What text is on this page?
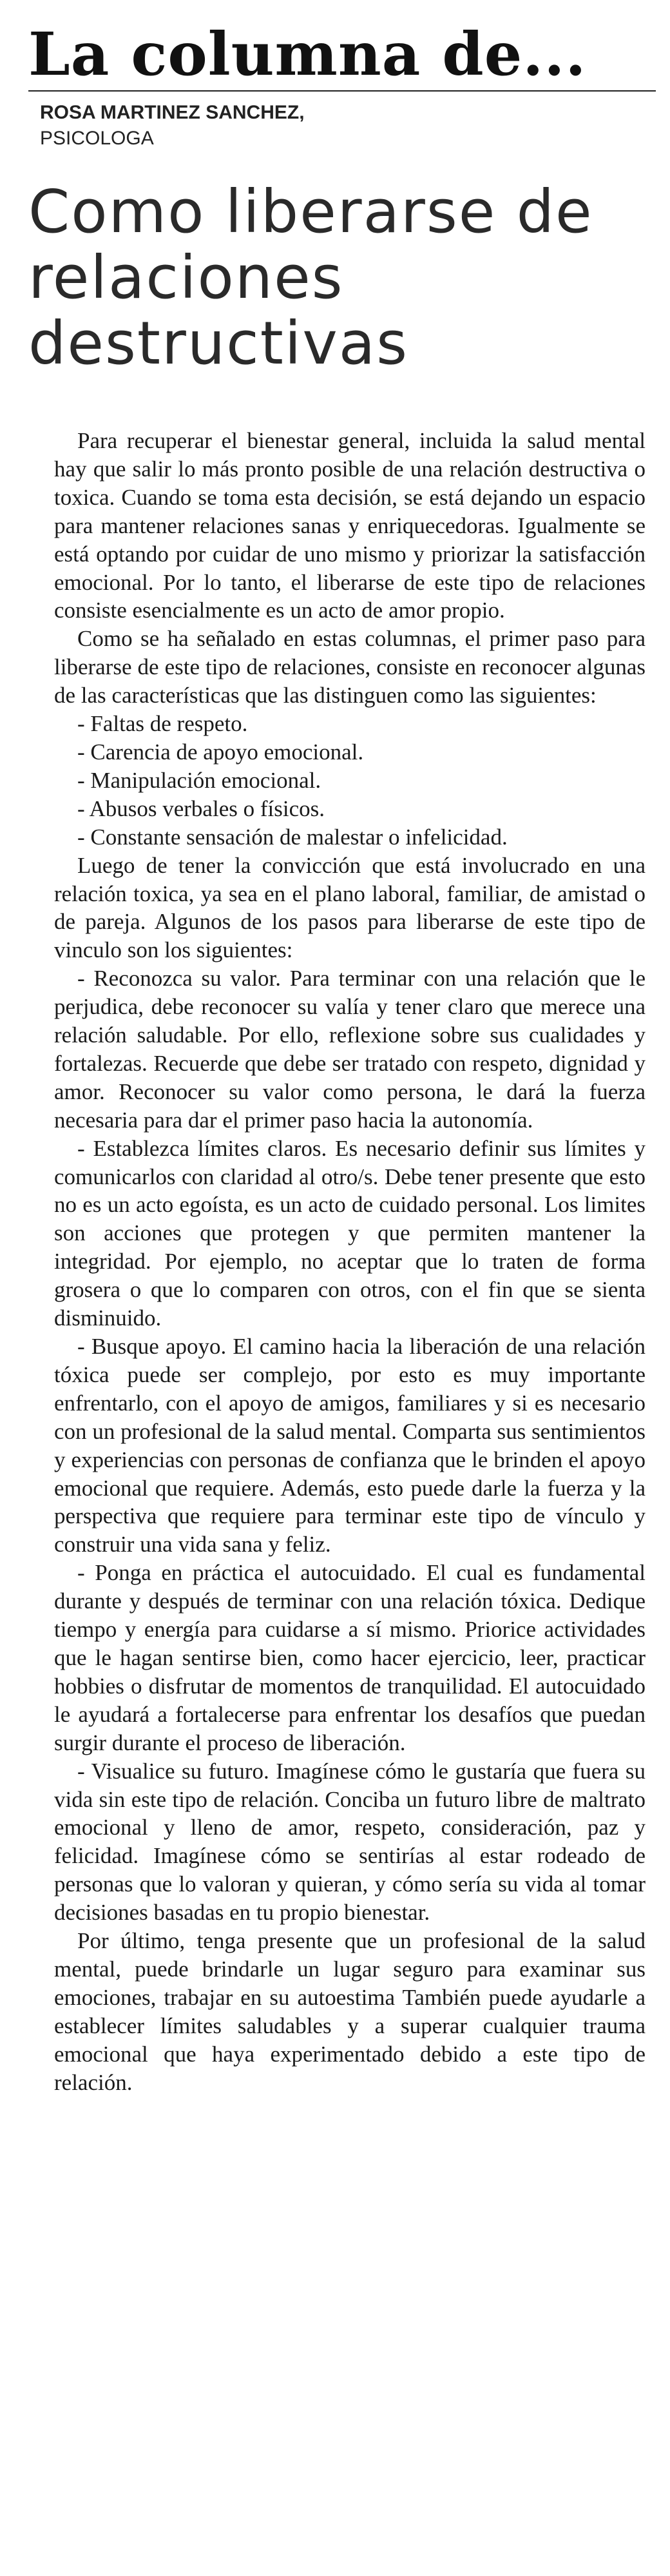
La columna de...
ROSA MARTINEZ SANCHEZ,
PSICOLOGA
Como liberarse de relaciones destructivas

Para recuperar el bienestar general, incluida la salud mental hay que salir lo más pronto posible de una relación destructiva o toxica. Cuando se toma esta decisión, se está dejando un espacio para mantener relaciones sanas y enriquecedoras. Igualmente se está optando por cuidar de uno mismo y priorizar la satisfacción emocional. Por lo tanto, el liberarse de este tipo de relaciones consiste esencialmente es un acto de amor propio.

Como se ha señalado en estas columnas, el primer paso para liberarse de este tipo de relaciones, consiste en reconocer algunas de las características que las distinguen como las siguientes:

- Faltas de respeto.

- Carencia de apoyo emocional.

- Manipulación emocional.

- Abusos verbales o físicos.

- Constante sensación de malestar o infelicidad.

Luego de tener la convicción que está involucrado en una relación toxica, ya sea en el plano laboral, familiar, de amistad o de pareja. Algunos de los pasos para liberarse de este tipo de vinculo son los siguientes:

- Reconozca su valor. Para terminar con una relación que le perjudica, debe reconocer su valía y tener claro que merece una relación saludable. Por ello, reflexione sobre sus cualidades y fortalezas. Recuerde que debe ser tratado con respeto, dignidad y amor. Reconocer su valor como persona, le dará la fuerza necesaria para dar el primer paso hacia la autonomía.

- Establezca límites claros. Es necesario definir sus límites y comunicarlos con claridad al otro/s. Debe tener presente que esto no es un acto egoísta, es un acto de cuidado personal. Los limites son acciones que protegen y que permiten mantener la integridad. Por ejemplo, no aceptar que lo traten de forma grosera o que lo comparen con otros, con el fin que se sienta disminuido.

- Busque apoyo. El camino hacia la liberación de una relación tóxica puede ser complejo, por esto es muy importante enfrentarlo, con el apoyo de amigos, familiares y si es necesario con un profesional de la salud mental. Comparta sus sentimientos y experiencias con personas de confianza que le brinden el apoyo emocional que requiere. Además, esto puede darle la fuerza y la perspectiva que requiere para terminar este tipo de vínculo y construir una vida sana y feliz.

- Ponga en práctica el autocuidado. El cual es fundamental durante y después de terminar con una relación tóxica. Dedique tiempo y energía para cuidarse a sí mismo. Priorice actividades que le hagan sentirse bien, como hacer ejercicio, leer, practicar hobbies o disfrutar de momentos de tranquilidad. El autocuidado le ayudará a fortalecerse para enfrentar los desafíos que puedan surgir durante el proceso de liberación.

- Visualice su futuro. Imagínese cómo le gustaría que fuera su vida sin este tipo de relación. Conciba un futuro libre de maltrato emocional y lleno de amor, respeto, consideración, paz y felicidad. Imagínese cómo se sentirías al estar rodeado de personas que lo valoran y quieran, y cómo sería su vida al tomar decisiones basadas en tu propio bienestar.

Por último, tenga presente que un profesional de la salud mental, puede brindarle un lugar seguro para examinar sus emociones, trabajar en su autoestima También puede ayudarle a establecer límites saludables y a superar cualquier trauma emocional que haya experimentado debido a este tipo de relación.
